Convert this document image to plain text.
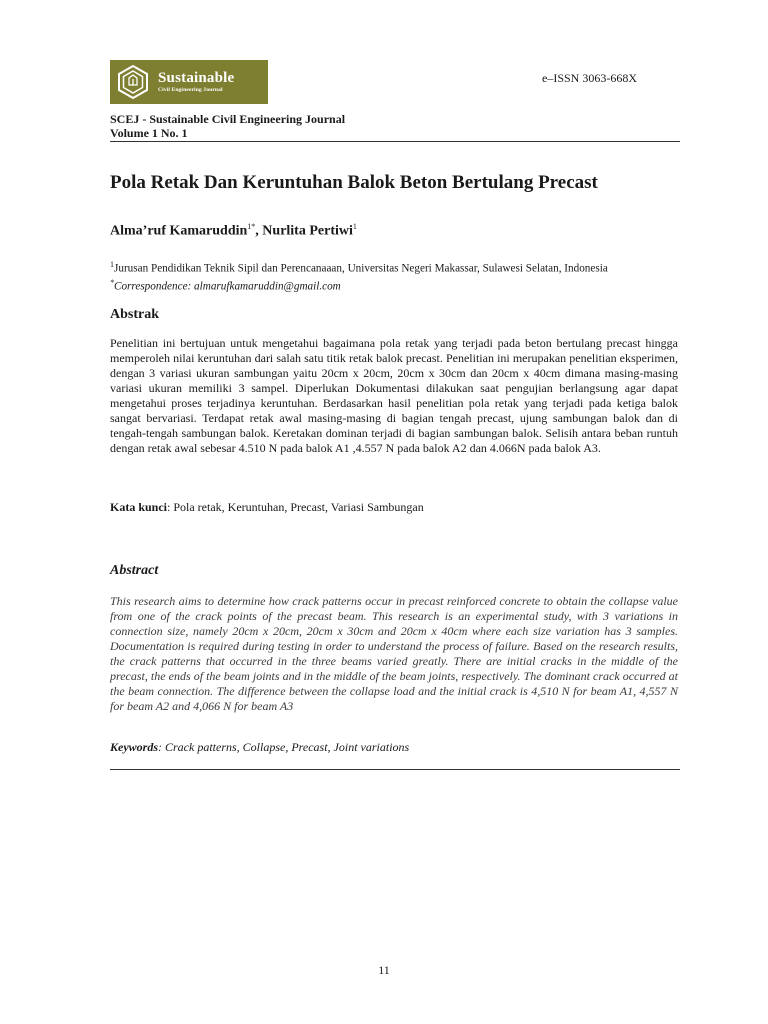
Sustainable
Civil Engineering Journal
e–ISSN 3063-668X
SCEJ - Sustainable Civil Engineering Journal
Volume 1 No. 1
Pola Retak Dan Keruntuhan Balok Beton Bertulang Precast
Alma’ruf Kamaruddin$^{1*}$, Nurlita Pertiwi$^1$
$^1$Jurusan Pendidikan Teknik Sipil dan Perencanaaan, Universitas Negeri Makassar, Sulawesi Selatan, Indonesia
*Correspondence: almarufkamaruddin@gmail.com
Abstrak
Penelitian ini bertujuan untuk mengetahui bagaimana pola retak yang terjadi pada beton bertulang precast hingga memperoleh nilai keruntuhan dari salah satu titik retak balok precast. Penelitian ini merupakan penelitian eksperimen, dengan 3 variasi ukuran sambungan yaitu 20cm x 20cm, 20cm x 30cm dan 20cm x 40cm dimana masing-masing variasi ukuran memiliki 3 sampel. Diperlukan Dokumentasi dilakukan saat pengujian berlangsung agar dapat mengetahui proses terjadinya keruntuhan. Berdasarkan hasil penelitian pola retak yang terjadi pada ketiga balok sangat bervariasi. Terdapat retak awal masing-masing di bagian tengah precast, ujung sambungan balok dan di tengah-tengah sambungan balok. Keretakan dominan terjadi di bagian sambungan balok. Selisih antara beban runtuh dengan retak awal sebesar 4.510 N pada balok A1 ,4.557 N pada balok A2 dan 4.066N pada balok A3.
Kata kunci: Pola retak, Keruntuhan, Precast, Variasi Sambungan
Abstract
This research aims to determine how crack patterns occur in precast reinforced concrete to obtain the collapse value from one of the crack points of the precast beam. This research is an experimental study, with 3 variations in connection size, namely 20cm x 20cm, 20cm x 30cm and 20cm x 40cm where each size variation has 3 samples. Documentation is required during testing in order to understand the process of failure. Based on the research results, the crack patterns that occurred in the three beams varied greatly. There are initial cracks in the middle of the precast, the ends of the beam joints and in the middle of the beam joints, respectively. The dominant crack occurred at the beam connection. The difference between the collapse load and the initial crack is 4,510 N for beam A1, 4,557 N for beam A2 and 4,066 N for beam A3
Keywords: Crack patterns, Collapse, Precast, Joint variations
11
